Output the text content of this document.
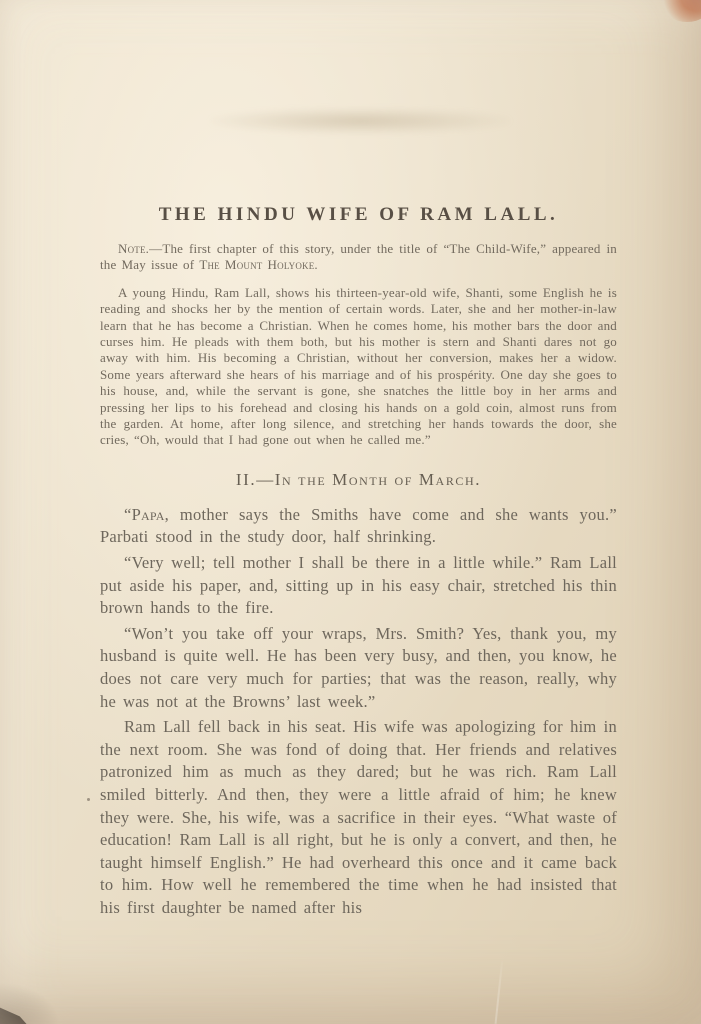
THE HINDU WIFE OF RAM LALL.

Note.—The first chapter of this story, under the title of “The Child-Wife,” appeared in the May issue of The Mount Holyoke.

A young Hindu, Ram Lall, shows his thirteen-year-old wife, Shanti, some English he is reading and shocks her by the mention of certain words. Later, she and her mother-in-law learn that he has become a Christian. When he comes home, his mother bars the door and curses him. He pleads with them both, but his mother is stern and Shanti dares not go away with him. His becoming a Christian, without her conversion, makes her a widow. Some years afterward she hears of his marriage and of his prospérity. One day she goes to his house, and, while the servant is gone, she snatches the little boy in her arms and pressing her lips to his forehead and closing his hands on a gold coin, almost runs from the garden. At home, after long silence, and stretching her hands towards the door, she cries, “Oh, would that I had gone out when he called me.”

II.—In the Month of March.

“Papa, mother says the Smiths have come and she wants you.” Parbati stood in the study door, half shrinking.

“Very well; tell mother I shall be there in a little while.” Ram Lall put aside his paper, and, sitting up in his easy chair, stretched his thin brown hands to the fire.

“Won’t you take off your wraps, Mrs. Smith? Yes, thank you, my husband is quite well. He has been very busy, and then, you know, he does not care very much for parties; that was the reason, really, why he was not at the Browns’ last week.”

Ram Lall fell back in his seat. His wife was apologizing for him in the next room. She was fond of doing that. Her friends and relatives patronized him as much as they dared; but he was rich. Ram Lall smiled bitterly. And then, they were a little afraid of him; he knew they were. She, his wife, was a sacrifice in their eyes. “What waste of education! Ram Lall is all right, but he is only a convert, and then, he taught himself English.” He had overheard this once and it came back to him. How well he remembered the time when he had insisted that his first daughter be named after his
